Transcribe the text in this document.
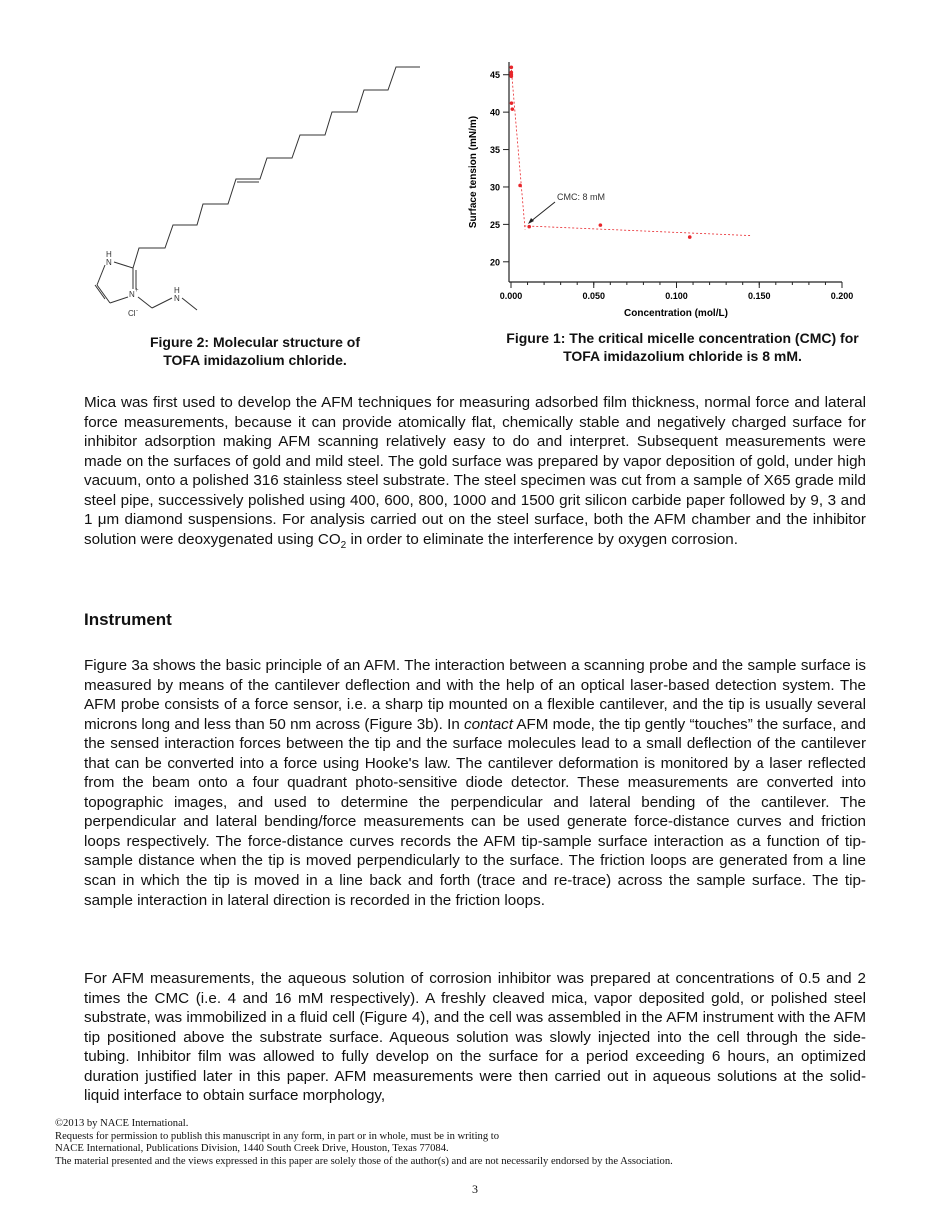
H
N
N +	H
N
Cl -
Figure 2: Molecular structure of
TOFA imidazolium chloride.
0.000	0.050	0.100	0.150	0.200
20
25
30
35
40
45
Concentration (mol/L)
Surface tension (mN/m)	CMC: 8 mM
Figure 1: The critical micelle concentration (CMC) for
TOFA imidazolium chloride is 8 mM.
Mica was first used to develop the AFM techniques for measuring adsorbed film thickness, normal force and lateral force measurements, because it can provide atomically flat, chemically stable and negatively charged surface for inhibitor adsorption making AFM scanning relatively easy to do and interpret. Subsequent measurements were made on the surfaces of gold and mild steel. The gold surface was prepared by vapor deposition of gold, under high vacuum, onto a polished 316 stainless steel substrate. The steel specimen was cut from a sample of X65 grade mild steel pipe, successively polished using 400, 600, 800, 1000 and 1500 grit silicon carbide paper followed by 9, 3 and 1 μm diamond suspensions. For analysis carried out on the steel surface, both the AFM chamber and the inhibitor solution were deoxygenated using $CO_2$ in order to eliminate the interference by oxygen corrosion.
Instrument
Figure 3a shows the basic principle of an AFM. The interaction between a scanning probe and the sample surface is measured by means of the cantilever deflection and with the help of an optical laser-based detection system. The AFM probe consists of a force sensor, i.e. a sharp tip mounted on a flexible cantilever, and the tip is usually several microns long and less than 50 nm across (Figure 3b). In contact AFM mode, the tip gently “touches” the surface, and the sensed interaction forces between the tip and the surface molecules lead to a small deflection of the cantilever that can be converted into a force using Hooke's law. The cantilever deformation is monitored by a laser reflected from the beam onto a four quadrant photo-sensitive diode detector. These measurements are converted into topographic images, and used to determine the perpendicular and lateral bending of the cantilever. The perpendicular and lateral bending/force measurements can be used generate force-distance curves and friction loops respectively. The force-distance curves records the AFM tip-sample surface interaction as a function of tip-sample distance when the tip is moved perpendicularly to the surface. The friction loops are generated from a line scan in which the tip is moved in a line back and forth (trace and re-trace) across the sample surface. The tip-sample interaction in lateral direction is recorded in the friction loops.
For AFM measurements, the aqueous solution of corrosion inhibitor was prepared at concentrations of 0.5 and 2 times the CMC (i.e. 4 and 16 mM respectively). A freshly cleaved mica, vapor deposited gold, or polished steel substrate, was immobilized in a fluid cell (Figure 4), and the cell was assembled in the AFM instrument with the AFM tip positioned above the substrate surface. Aqueous solution was slowly injected into the cell through the side-tubing. Inhibitor film was allowed to fully develop on the surface for a period exceeding 6 hours, an optimized duration justified later in this paper. AFM measurements were then carried out in aqueous solutions at the solid-liquid interface to obtain surface morphology,
©2013 by NACE International.
Requests for permission to publish this manuscript in any form, in part or in whole, must be in writing to
NACE International, Publications Division, 1440 South Creek Drive, Houston, Texas 77084.
The material presented and the views expressed in this paper are solely those of the author(s) and are not necessarily endorsed by the Association.
3
